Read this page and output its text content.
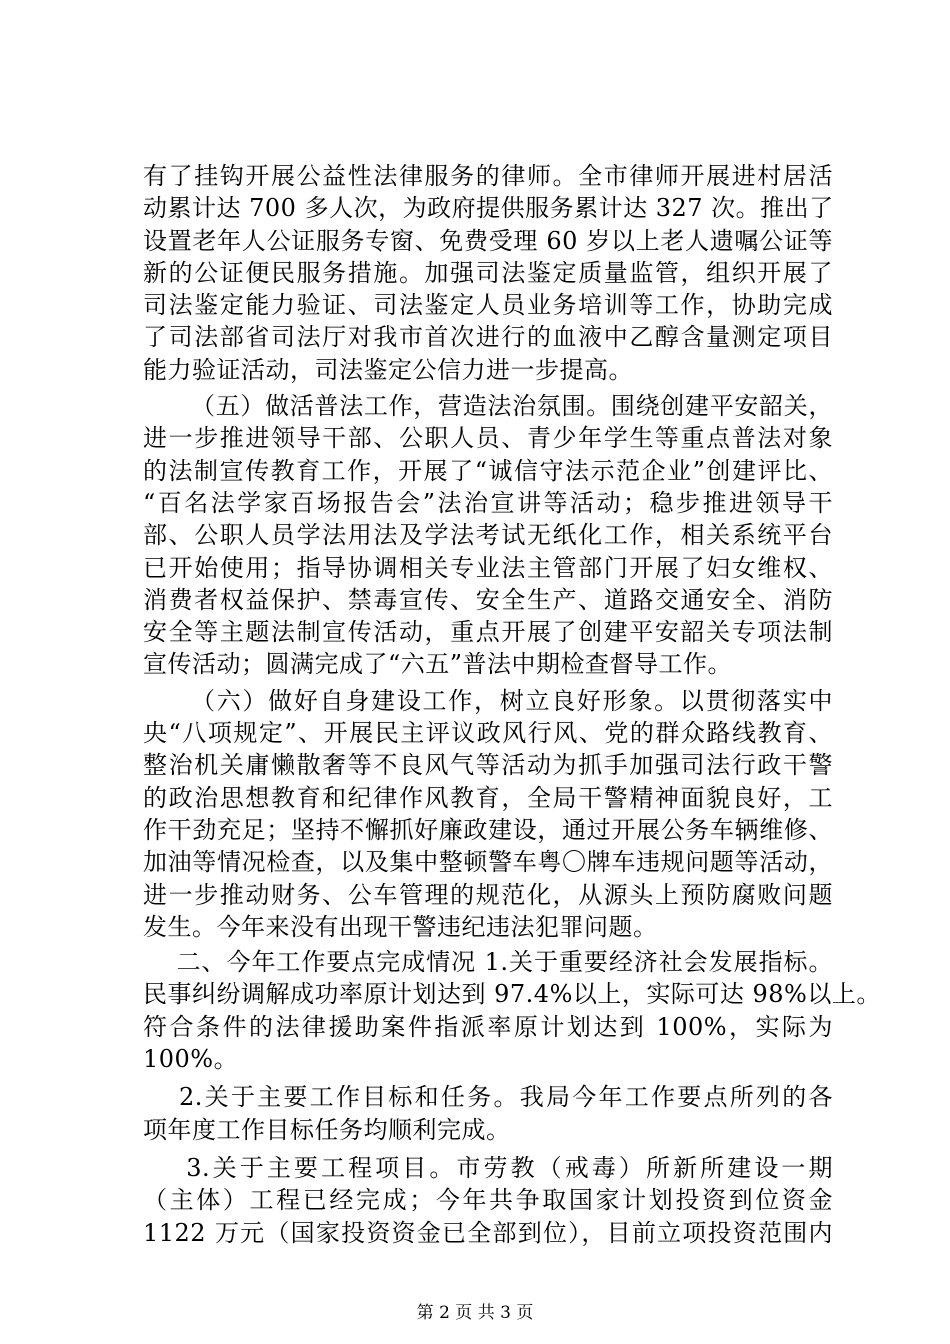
有了挂钩开展公益性法律服务的律师。全市律师开展进村居活
动累计达 700 多人次，为政府提供服务累计达 327 次。推出了
设置老年人公证服务专窗、免费受理 60 岁以上老人遗嘱公证等
新的公证便民服务措施。加强司法鉴定质量监管，组织开展了
司法鉴定能力验证、司法鉴定人员业务培训等工作，协助完成
了司法部省司法厅对我市首次进行的血液中乙醇含量测定项目
能力验证活动，司法鉴定公信力进一步提高。
（五）做活普法工作，营造法治氛围。围绕创建平安韶关，
进一步推进领导干部、公职人员、青少年学生等重点普法对象
的法制宣传教育工作，开展了“诚信守法示范企业”创建评比、
“百名法学家百场报告会”法治宣讲等活动；稳步推进领导干
部、公职人员学法用法及学法考试无纸化工作，相关系统平台
已开始使用；指导协调相关专业法主管部门开展了妇女维权、
消费者权益保护、禁毒宣传、安全生产、道路交通安全、消防
安全等主题法制宣传活动，重点开展了创建平安韶关专项法制
宣传活动；圆满完成了“六五”普法中期检查督导工作。
（六）做好自身建设工作，树立良好形象。以贯彻落实中
央“八项规定”、开展民主评议政风行风、党的群众路线教育、
整治机关庸懒散奢等不良风气等活动为抓手加强司法行政干警
的政治思想教育和纪律作风教育，全局干警精神面貌良好，工
作干劲充足；坚持不懈抓好廉政建设，通过开展公务车辆维修、
加油等情况检查，以及集中整顿警车粤〇牌车违规问题等活动，
进一步推动财务、公车管理的规范化，从源头上预防腐败问题
发生。今年来没有出现干警违纪违法犯罪问题。
二、今年工作要点完成情况 1.关于重要经济社会发展指标。
民事纠纷调解成功率原计划达到 97.4%以上，实际可达 98%以上。
符合条件的法律援助案件指派率原计划达到 100%，实际为
100%。
2.关于主要工作目标和任务。我局今年工作要点所列的各
项年度工作目标任务均顺利完成。
3.关于主要工程项目。市劳教（戒毒）所新所建设一期
（主体）工程已经完成；今年共争取国家计划投资到位资金
1122 万元（国家投资资金已全部到位），目前立项投资范围内
第 2 页 共 3 页
